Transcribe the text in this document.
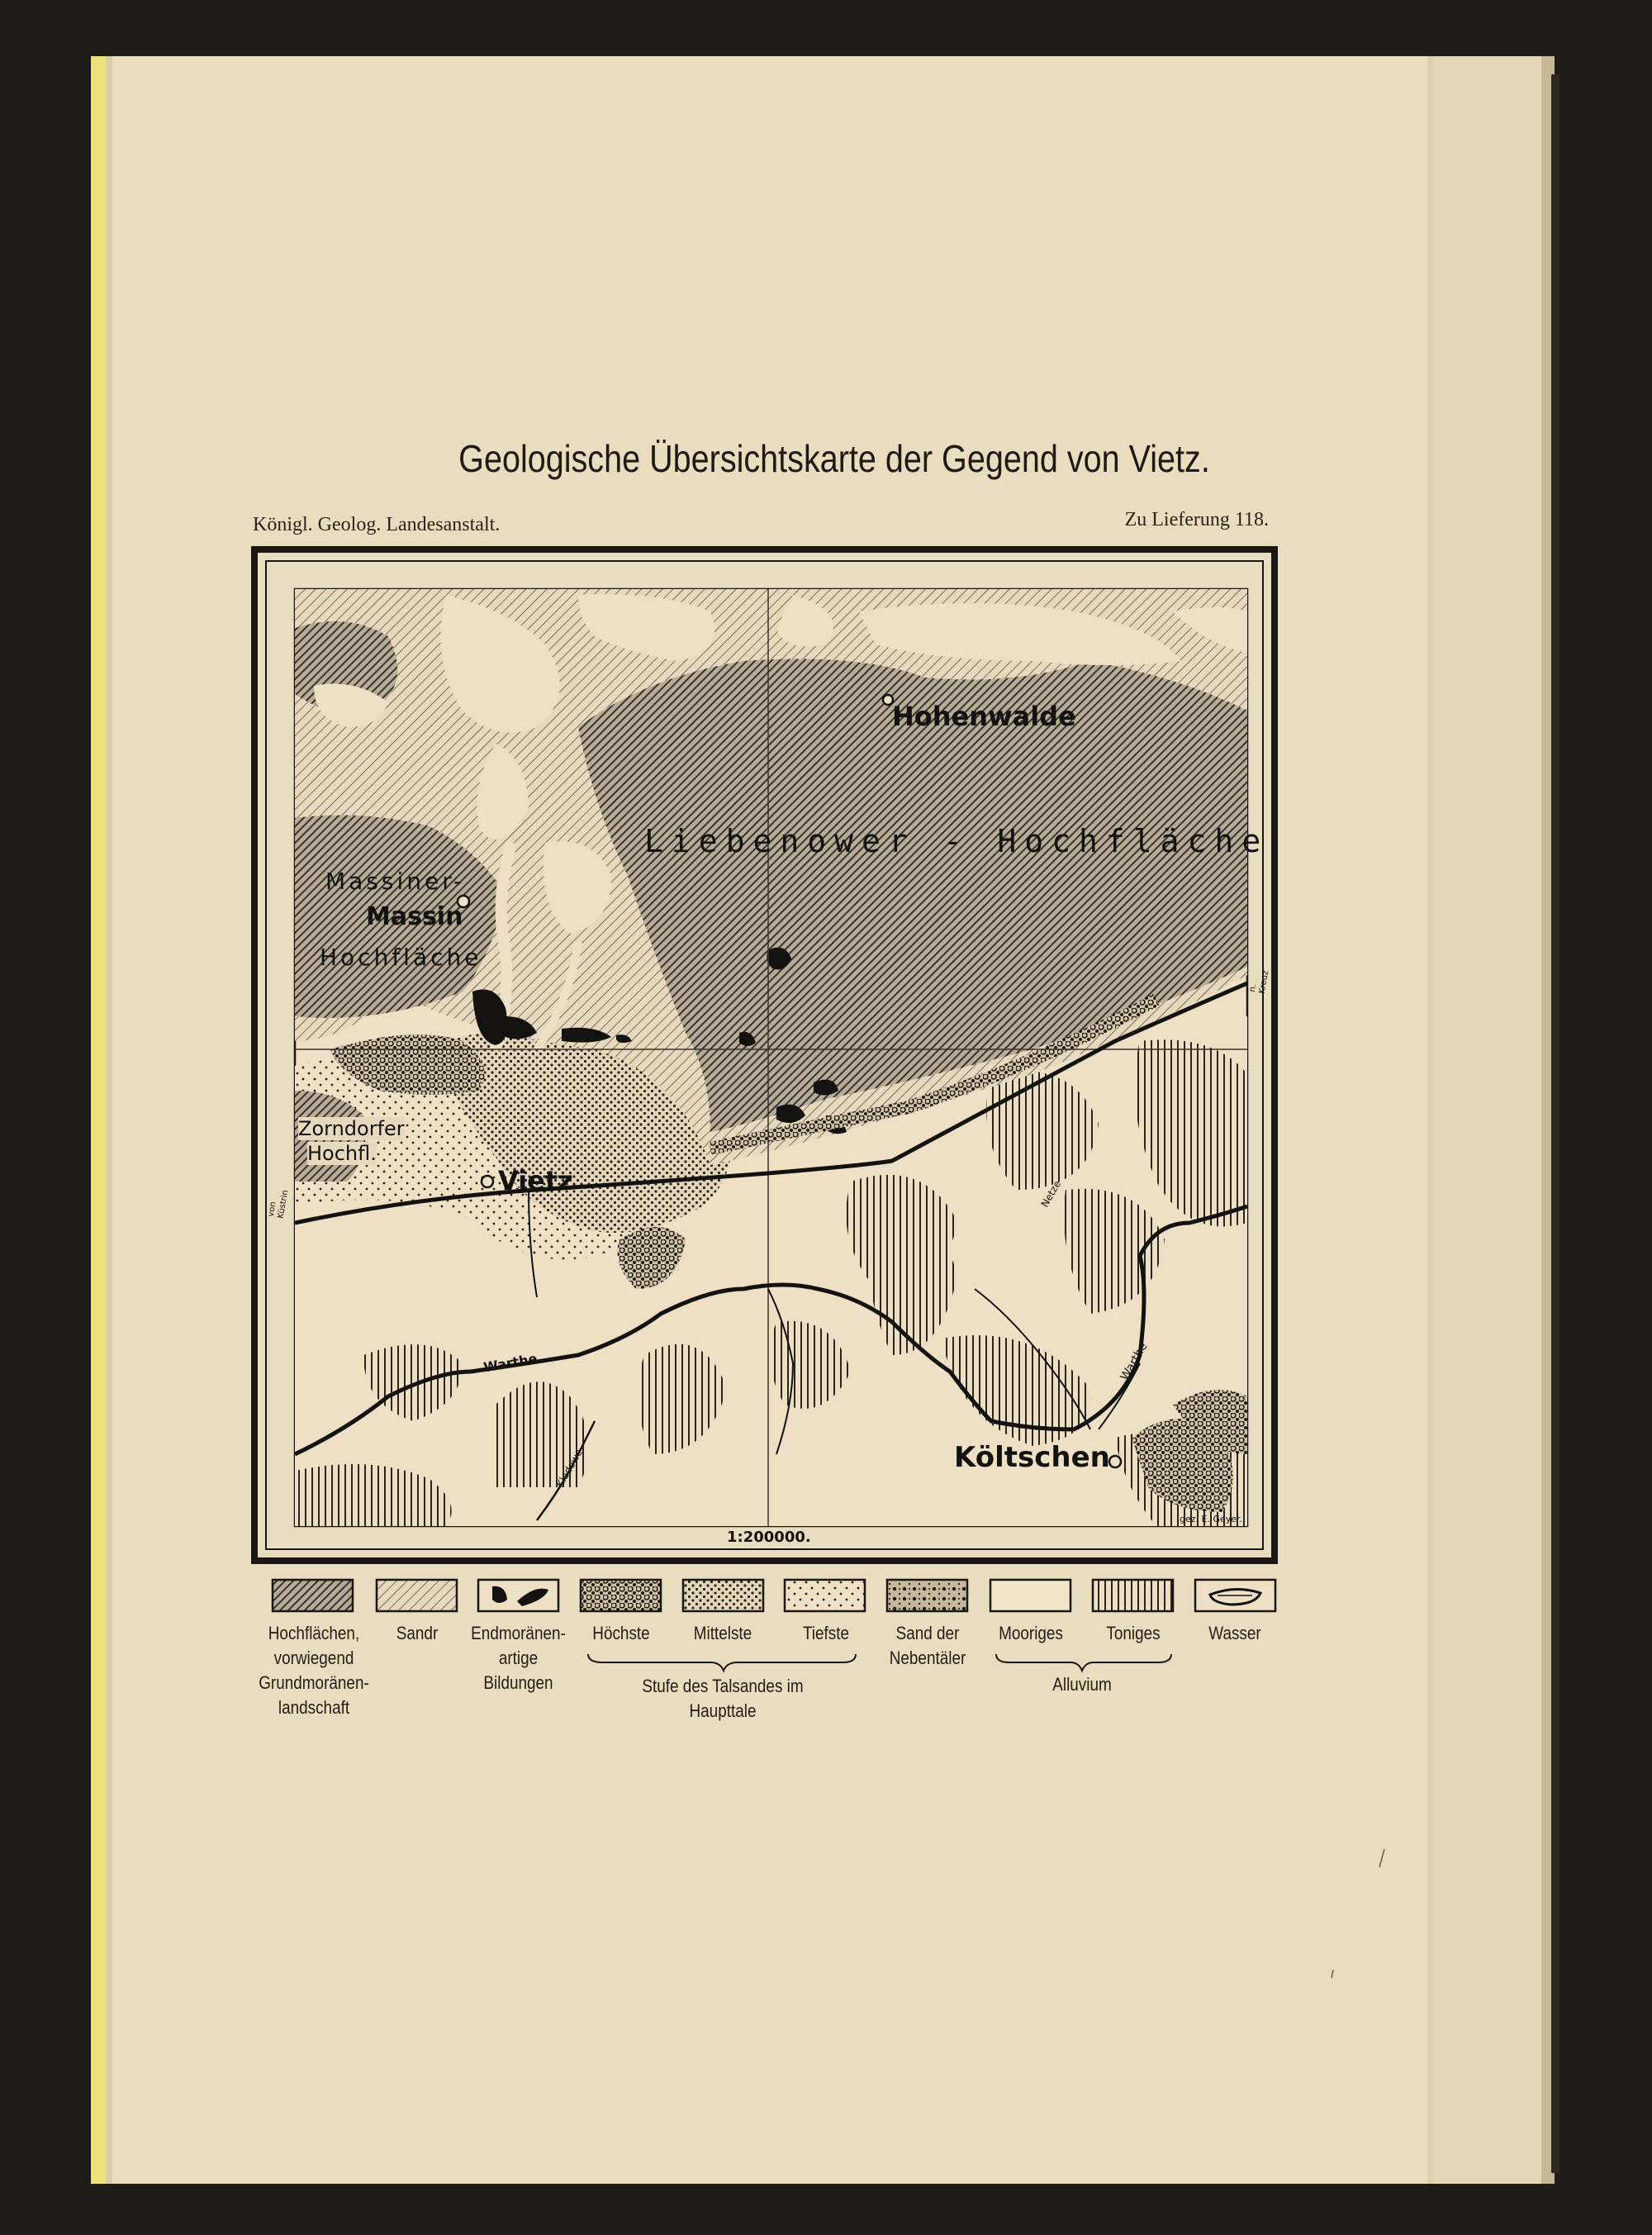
Geologische Übersichtskarte der Gegend von Vietz.
Königl. Geolog. Landesanstalt.	Zu Lieferung 118.
Hohenwalde
Liebenower - Hochfläche
Massiner-
Massin
Hochfläche
Zorndorfer
Hochfl.
Vietz
Költschen
Warthe	Warthe
Netze
Kladowe
von Küstrin
n. Kreuz
1:200000.
gez. E. Geyer.
Hochflächen, vorwiegend Grundmoränen-landschaft
Sandr	Endmoränen-artige Bildungen
Höchste	Mittelste	Tiefste	Sand der Nebentäler
Mooriges	Toniges	Wasser
Stufe des Talsandes im Haupttale
Alluvium
